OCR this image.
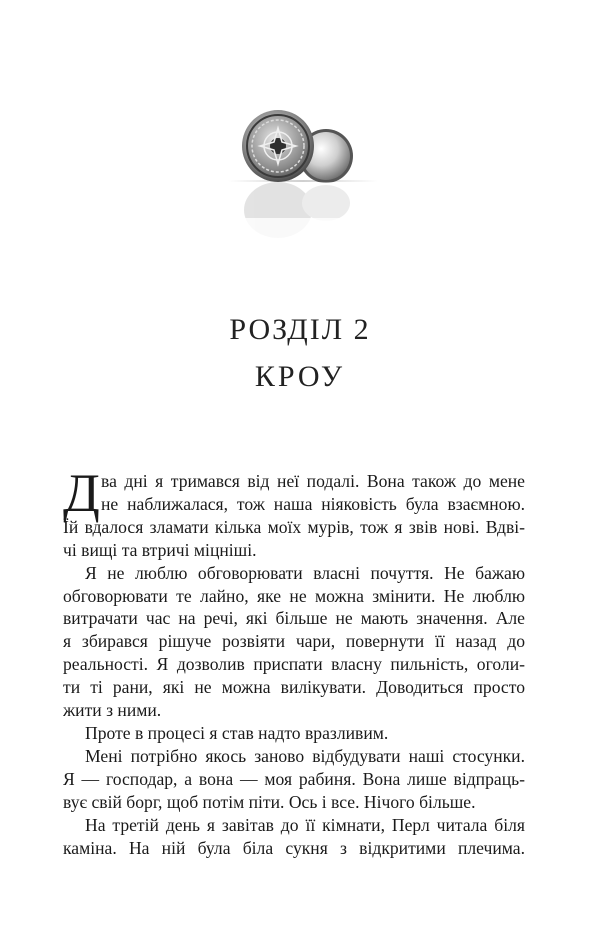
РОЗДІЛ 2
КРОУ
Д ва дні я тримався від неї подалі. Вона також до мене
не наближалася, тож наша ніяковість була взаємною.
Їй вдалося зламати кілька моїх мурів, тож я звів нові. Вдві-
чі вищі та втричі міцніші.
Я не люблю обговорювати власні почуття. Не бажаю
обговорювати те лайно, яке не можна змінити. Не люблю
витрачати час на речі, які більше не мають значення. Але
я збирався рішуче розвіяти чари, повернути її назад до
реальності. Я дозволив приспати власну пильність, оголи-
ти ті рани, які не можна вилікувати. Доводиться просто
жити з ними.
Проте в процесі я став надто вразливим.
Мені потрібно якось заново відбудувати наші стосунки.
Я — господар, а вона — моя рабиня. Вона лише відпраць-
вує свій борг, щоб потім піти. Ось і все. Нічого більше.
На третій день я завітав до її кімнати, Перл читала біля
каміна. На ній була біла сукня з відкритими плечима.
